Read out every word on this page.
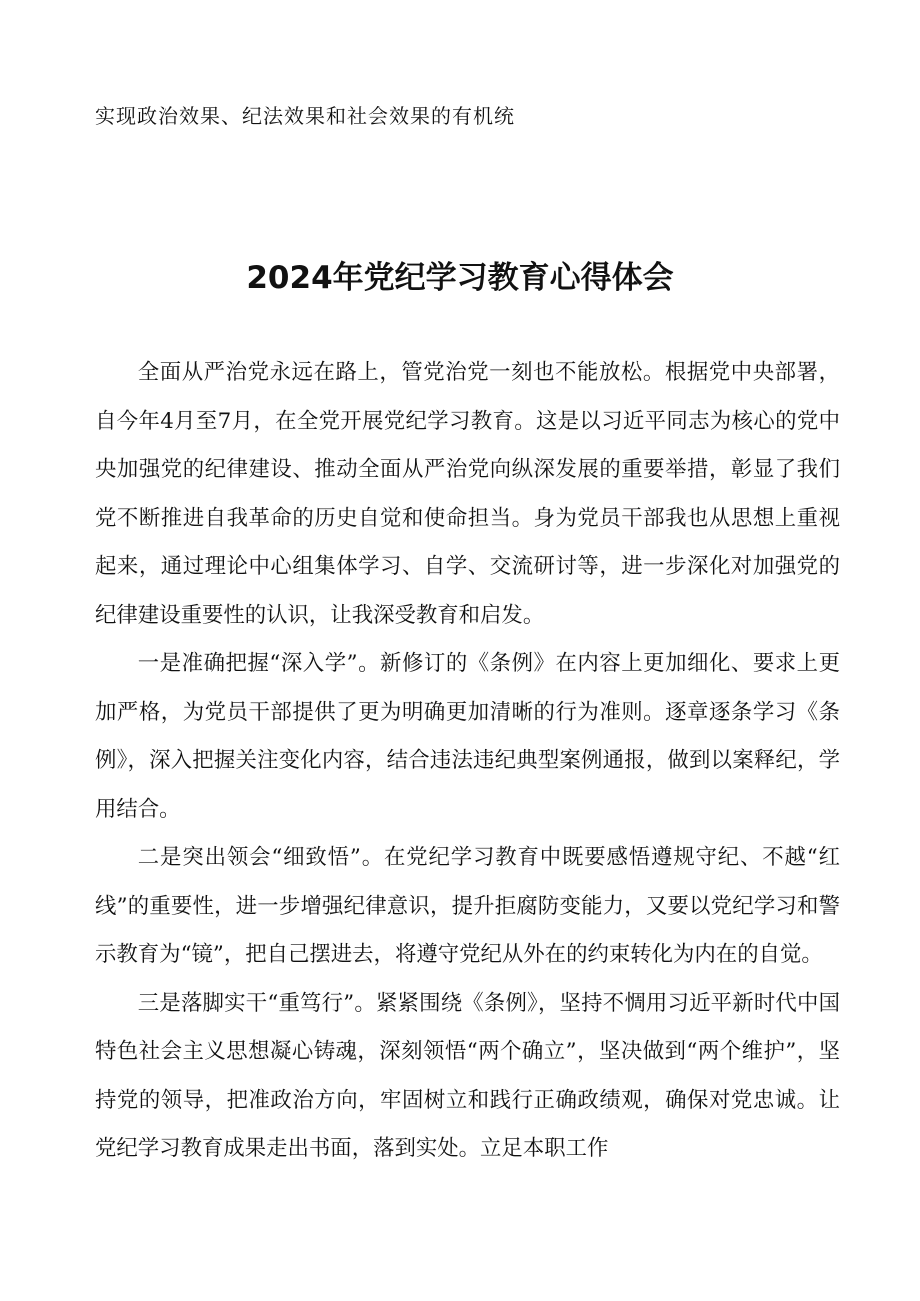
实现政治效果、纪法效果和社会效果的有机统
2024年党纪学习教育心得体会

全面从严治党永远在路上，管党治党一刻也不能放松。根据党中央部署，自今年4月至7月，在全党开展党纪学习教育。这是以习近平同志为核心的党中央加强党的纪律建设、推动全面从严治党向纵深发展的重要举措，彰显了我们党不断推进自我革命的历史自觉和使命担当。身为党员干部我也从思想上重视起来，通过理论中心组集体学习、自学、交流研讨等，进一步深化对加强党的纪律建设重要性的认识，让我深受教育和启发。

一是准确把握“深入学”。新修订的《条例》在内容上更加细化、要求上更加严格，为党员干部提供了更为明确更加清晰的行为准则。逐章逐条学习《条例》，深入把握关注变化内容，结合违法违纪典型案例通报，做到以案释纪，学用结合。

二是突出领会“细致悟”。在党纪学习教育中既要感悟遵规守纪、不越“红线”的重要性，进一步增强纪律意识，提升拒腐防变能力，又要以党纪学习和警示教育为“镜”，把自己摆进去，将遵守党纪从外在的约束转化为内在的自觉。

三是落脚实干“重笃行”。紧紧围绕《条例》，坚持不惆用习近平新时代中国特色社会主义思想凝心铸魂，深刻领悟“两个确立”，坚决做到“两个维护”，坚持党的领导，把准政治方向，牢固树立和践行正确政绩观，确保对党忠诚。让党纪学习教育成果走出书面，落到实处。立足本职工作
